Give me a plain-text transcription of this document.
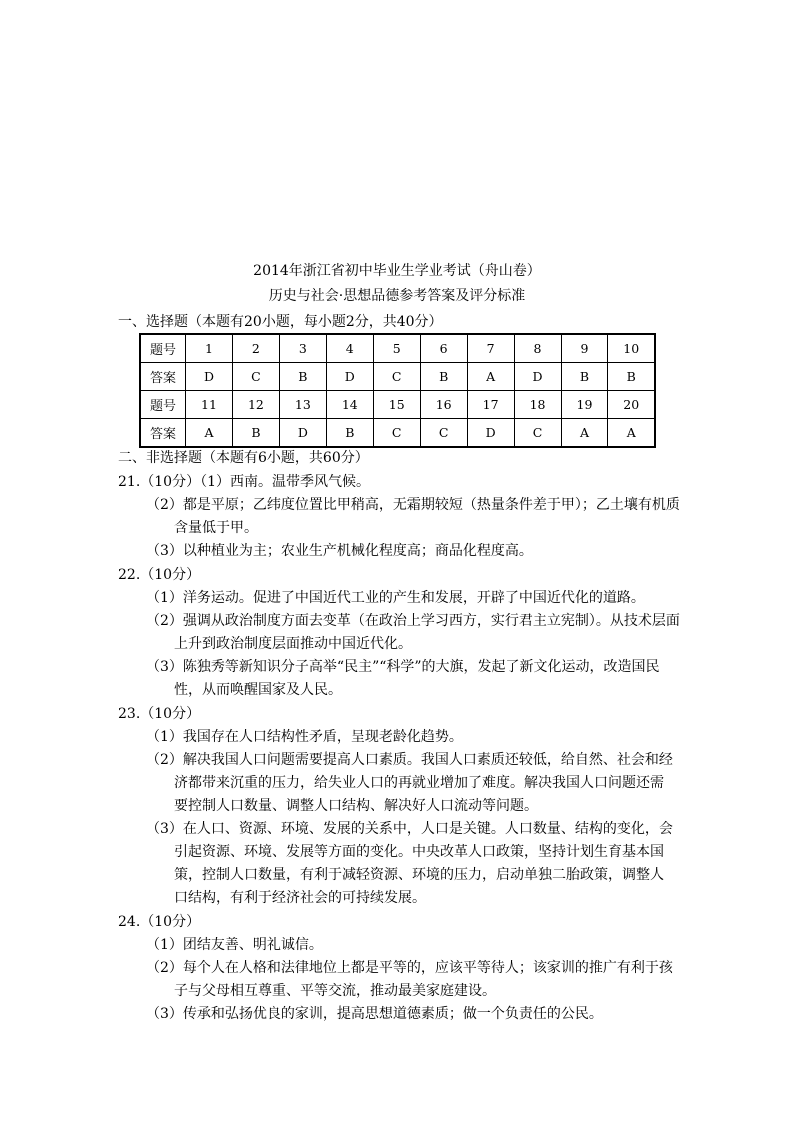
2014年浙江省初中毕业生学业考试（舟山卷）
历史与社会·思想品德参考答案及评分标准
一、选择题（本题有20小题，每小题2分，共40分）
题号	1	2	3	4	5	6	7	8	9	10
答案	D	C	B	D	C	B	A	D	B	B
题号	11	12	13	14	15	16	17	18	19	20
答案	A	B	D	B	C	C	D	C	A	A
二、非选择题（本题有6小题，共60分）
21.（10分）（1）西南。温带季风气候。
（2）都是平原；乙纬度位置比甲稍高，无霜期较短（热量条件差于甲）；乙土壤有机质
含量低于甲。
（3）以种植业为主；农业生产机械化程度高；商品化程度高。
22.（10分）
（1）洋务运动。促进了中国近代工业的产生和发展，开辟了中国近代化的道路。
（2）强调从政治制度方面去变革（在政治上学习西方，实行君主立宪制）。从技术层面
上升到政治制度层面推动中国近代化。
（3）陈独秀等新知识分子高举“民主”“科学”的大旗，发起了新文化运动，改造国民
性，从而唤醒国家及人民。
23.（10分）
（1）我国存在人口结构性矛盾，呈现老龄化趋势。
（2）解决我国人口问题需要提高人口素质。我国人口素质还较低，给自然、社会和经
济都带来沉重的压力，给失业人口的再就业增加了难度。解决我国人口问题还需
要控制人口数量、调整人口结构、解决好人口流动等问题。
（3）在人口、资源、环境、发展的关系中，人口是关键。人口数量、结构的变化，会
引起资源、环境、发展等方面的变化。中央改革人口政策，坚持计划生育基本国
策，控制人口数量，有利于减轻资源、环境的压力，启动单独二胎政策，调整人
口结构，有利于经济社会的可持续发展。
24.（10分）
（1）团结友善、明礼诚信。
（2）每个人在人格和法律地位上都是平等的，应该平等待人；该家训的推广有利于孩
子与父母相互尊重、平等交流，推动最美家庭建设。
（3）传承和弘扬优良的家训，提高思想道德素质；做一个负责任的公民。
